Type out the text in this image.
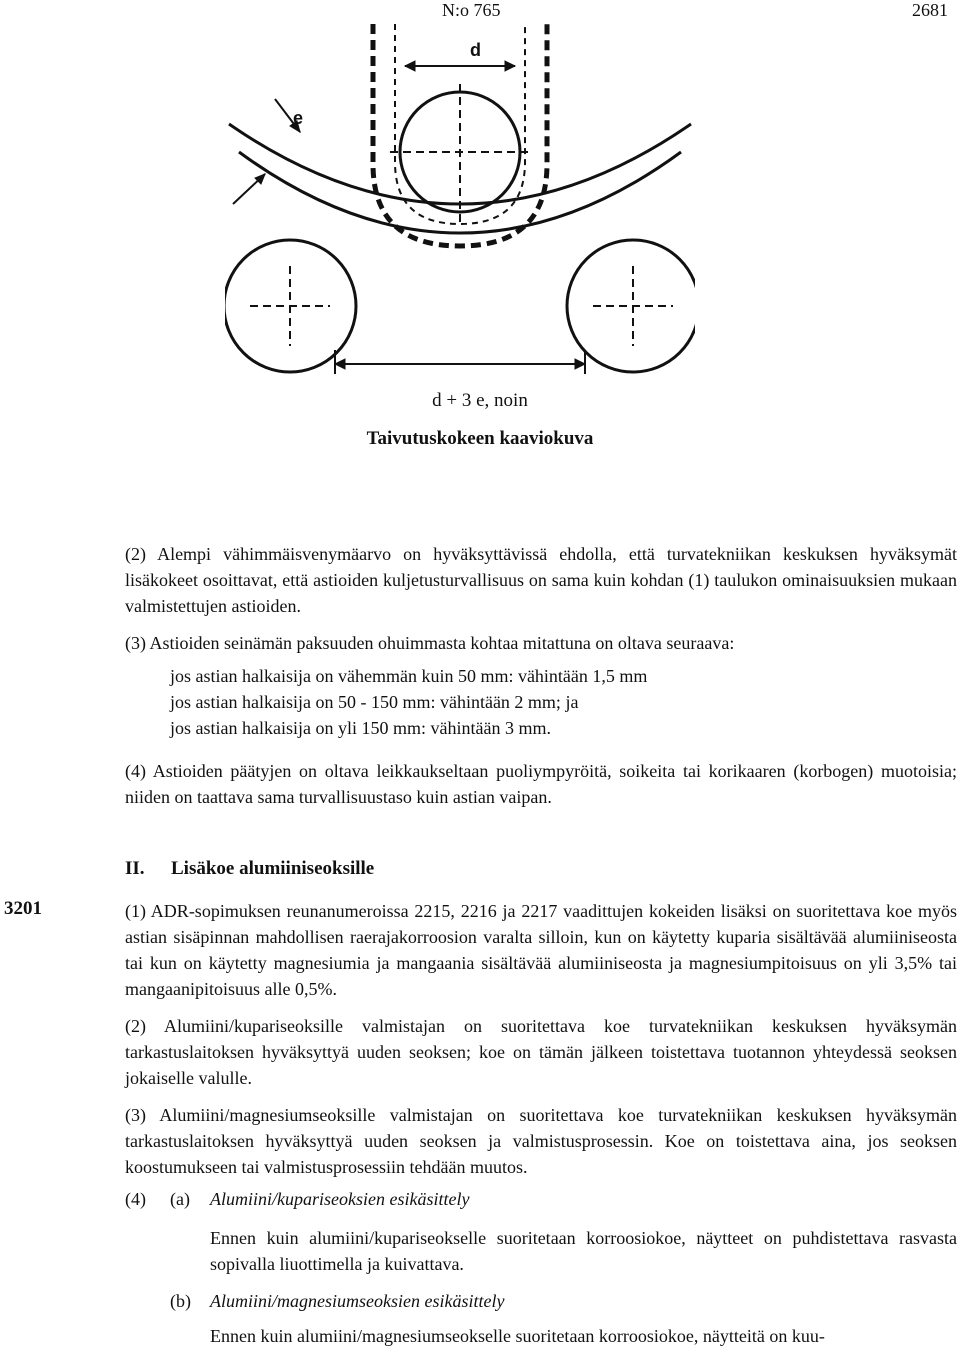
N:o 765	2681
d
e
d + 3 e, noin
Taivutuskokeen kaaviokuva
(2) Alempi vähimmäisvenymäarvo on hyväksyttävissä ehdolla, että turvatekniikan keskuksen hyväksymät lisäkokeet osoittavat, että astioiden kuljetusturvallisuus on sama kuin kohdan (1) taulukon ominaisuuksien mukaan valmistettujen astioiden.
(3) Astioiden seinämän paksuuden ohuimmasta kohtaa mitattuna on oltava seuraava:
jos astian halkaisija on vähemmän kuin 50 mm: vähintään 1,5 mm
jos astian halkaisija on 50 - 150 mm: vähintään 2 mm; ja
jos astian halkaisija on yli 150 mm: vähintään 3 mm.
(4) Astioiden päätyjen on oltava leikkaukseltaan puoliympyröitä, soikeita tai korikaaren (korbogen) muotoisia; niiden on taattava sama turvallisuustaso kuin astian vaipan.
II. Lisäkoe alumiiniseoksille
3201	(1) ADR-sopimuksen reunanumeroissa 2215, 2216 ja 2217 vaadittujen kokeiden lisäksi on suoritettava koe myös astian sisäpinnan mahdollisen raerajakorroosion varalta silloin, kun on käytetty kuparia sisältävää alumiiniseosta tai kun on käytetty magnesiumia ja mangaania sisältävää alumiiniseosta ja magnesiumpitoisuus on yli 3,5% tai mangaanipitoisuus alle 0,5%.
(2) Alumiini/kupariseoksille valmistajan on suoritettava koe turvatekniikan keskuksen hyväksymän tarkastuslaitoksen hyväksyttyä uuden seoksen; koe on tämän jälkeen toistettava tuotannon yhteydessä seoksen jokaiselle valulle.
(3) Alumiini/magnesiumseoksille valmistajan on suoritettava koe turvatekniikan keskuksen hyväksymän tarkastuslaitoksen hyväksyttyä uuden seoksen ja valmistusprosessin. Koe on toistettava aina, jos seoksen koostumukseen tai valmistusprosessiin tehdään muutos.
(4) (a) Alumiini/kupariseoksien esikäsittely
Ennen kuin alumiini/kupariseokselle suoritetaan korroosiokoe, näytteet on puhdistettava rasvasta sopivalla liuottimella ja kuivattava.
(b) Alumiini/magnesiumseoksien esikäsittely
Ennen kuin alumiini/magnesiumseokselle suoritetaan korroosiokoe, näytteitä on kuu-
